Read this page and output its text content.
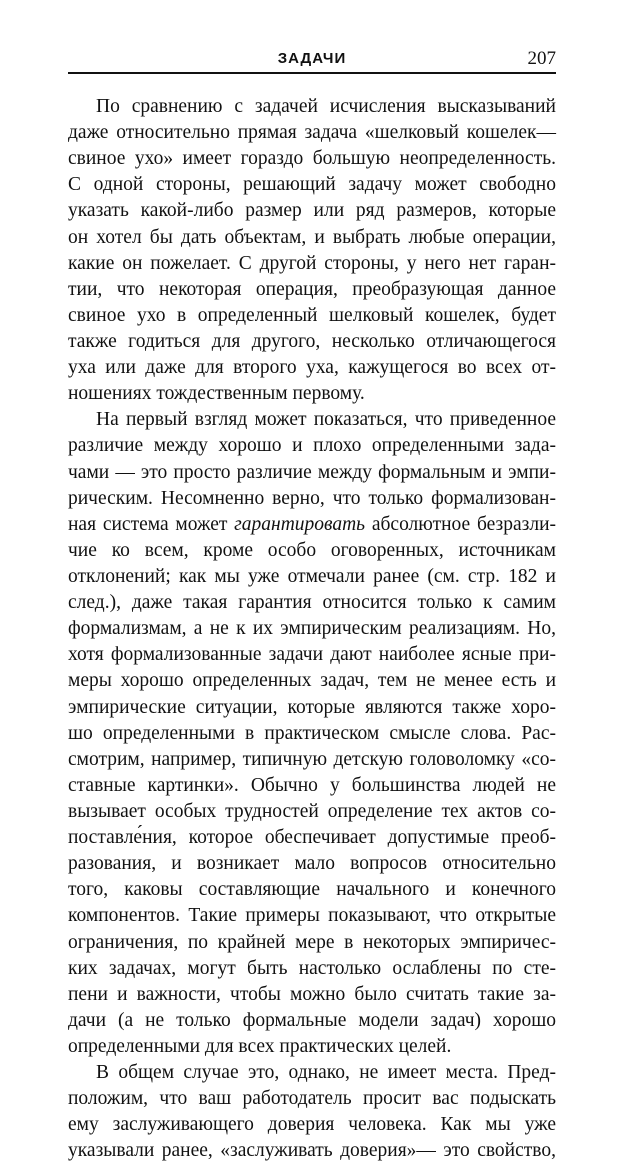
ЗАДАЧИ	207
По сравнению с задачей исчисления высказываний
даже относительно прямая задача «шелковый кошелек—
свиное ухо» имеет гораздо большую неопределенность.
С одной стороны, решающий задачу может свободно
указать какой-либо размер или ряд размеров, которые
он хотел бы дать объектам, и выбрать любые операции,
какие он пожелает. С другой стороны, у него нет гаран-
тии, что некоторая операция, преобразующая данное
свиное ухо в определенный шелковый кошелек, будет
также годиться для другого, несколько отличающегося
уха или даже для второго уха, кажущегося во всех от-
ношениях тождественным первому.
На первый взгляд может показаться, что приведенное
различие между хорошо и плохо определенными зада-
чами — это просто различие между формальным и эмпи-
рическим. Несомненно верно, что только формализован-
ная система может гарантировать абсолютное безразли-
чие ко всем, кроме особо оговоренных, источникам
отклонений; как мы уже отмечали ранее (см. стр. 182 и
след.), даже такая гарантия относится только к самим
формализмам, а не к их эмпирическим реализациям. Но,
хотя формализованные задачи дают наиболее ясные при-
меры хорошо определенных задач, тем не менее есть и
эмпирические ситуации, которые являются также хоро-
шо определенными в практическом смысле слова. Рас-
смотрим, например, типичную детскую головоломку «со-
ставные картинки». Обычно у большинства людей не
вызывает особых трудностей определение тех актов со-
поставле́ния, которое обеспечивает допустимые преоб-
разования, и возникает мало вопросов относительно
того, каковы составляющие начального и конечного
компонентов. Такие примеры показывают, что открытые
ограничения, по крайней мере в некоторых эмпиричес-
ких задачах, могут быть настолько ослаблены по сте-
пени и важности, чтобы можно было считать такие за-
дачи (а не только формальные модели задач) хорошо
определенными для всех практических целей.
В общем случае это, однако, не имеет места. Пред-
положим, что ваш работодатель просит вас подыскать
ему заслуживающего доверия человека. Как мы уже
указывали ранее, «заслуживать доверия»— это свойство,
